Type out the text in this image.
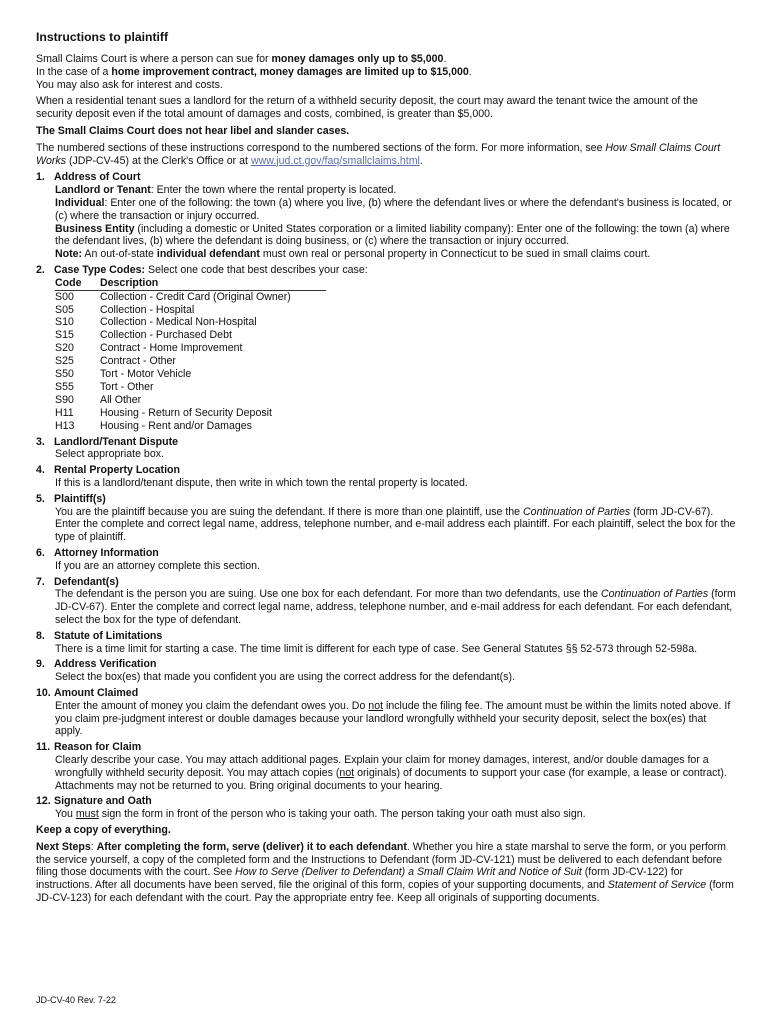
Instructions to plaintiff

Small Claims Court is where a person can sue for money damages only up to $5,000.
In the case of a home improvement contract, money damages are limited up to $15,000.
You may also ask for interest and costs.

When a residential tenant sues a landlord for the return of a withheld security deposit, the court may award the tenant twice the amount of the security deposit even if the total amount of damages and costs, combined, is greater than $5,000.

The Small Claims Court does not hear libel and slander cases.

The numbered sections of these instructions correspond to the numbered sections of the form. For more information, see How Small Claims Court Works (JDP-CV-45) at the Clerk's Office or at www.jud.ct.gov/faq/smallclaims.html.

1. Address of Court
Landlord or Tenant: Enter the town where the rental property is located.
Individual: Enter one of the following: the town (a) where you live, (b) where the defendant lives or where the defendant's business is located, or (c) where the transaction or injury occurred.
Business Entity (including a domestic or United States corporation or a limited liability company): Enter one of the following: the town (a) where the defendant lives, (b) where the defendant is doing business, or (c) where the transaction or injury occurred.
Note: An out-of-state individual defendant must own real or personal property in Connecticut to be sued in small claims court.
2. Case Type Codes: Select one code that best describes your case:
Code	Description
S00	Collection - Credit Card (Original Owner)
S05	Collection - Hospital
S10	Collection - Medical Non-Hospital
S15	Collection - Purchased Debt
S20	Contract - Home Improvement
S25	Contract - Other
S50	Tort - Motor Vehicle
S55	Tort - Other
S90	All Other
H11	Housing - Return of Security Deposit
H13	Housing - Rent and/or Damages
3. Landlord/Tenant Dispute
Select appropriate box.
4. Rental Property Location
If this is a landlord/tenant dispute, then write in which town the rental property is located.
5. Plaintiff(s)
You are the plaintiff because you are suing the defendant. If there is more than one plaintiff, use the Continuation of Parties (form JD-CV-67). Enter the complete and correct legal name, address, telephone number, and e-mail address each plaintiff. For each plaintiff, select the box for the type of plaintiff.
6. Attorney Information
If you are an attorney complete this section.
7. Defendant(s)
The defendant is the person you are suing. Use one box for each defendant. For more than two defendants, use the Continuation of Parties (form JD-CV-67). Enter the complete and correct legal name, address, telephone number, and e-mail address for each defendant. For each defendant, select the box for the type of defendant.
8. Statute of Limitations
There is a time limit for starting a case. The time limit is different for each type of case. See General Statutes §§ 52-573 through 52-598a.
9. Address Verification
Select the box(es) that made you confident you are using the correct address for the defendant(s).
10. Amount Claimed
Enter the amount of money you claim the defendant owes you. Do not include the filing fee. The amount must be within the limits noted above. If you claim pre-judgment interest or double damages because your landlord wrongfully withheld your security deposit, select the box(es) that apply.
11. Reason for Claim
Clearly describe your case. You may attach additional pages. Explain your claim for money damages, interest, and/or double damages for a wrongfully withheld security deposit. You may attach copies (not originals) of documents to support your case (for example, a lease or contract). Attachments may not be returned to you. Bring original documents to your hearing.
12. Signature and Oath
You must sign the form in front of the person who is taking your oath. The person taking your oath must also sign.

Keep a copy of everything.

Next Steps: After completing the form, serve (deliver) it to each defendant. Whether you hire a state marshal to serve the form, or you perform the service yourself, a copy of the completed form and the Instructions to Defendant (form JD-CV-121) must be delivered to each defendant before filing those documents with the court. See How to Serve (Deliver to Defendant) a Small Claim Writ and Notice of Suit (form JD-CV-122) for instructions. After all documents have been served, file the original of this form, copies of your supporting documents, and Statement of Service (form JD-CV-123) for each defendant with the court. Pay the appropriate entry fee. Keep all originals of supporting documents.

JD-CV-40 Rev. 7-22
